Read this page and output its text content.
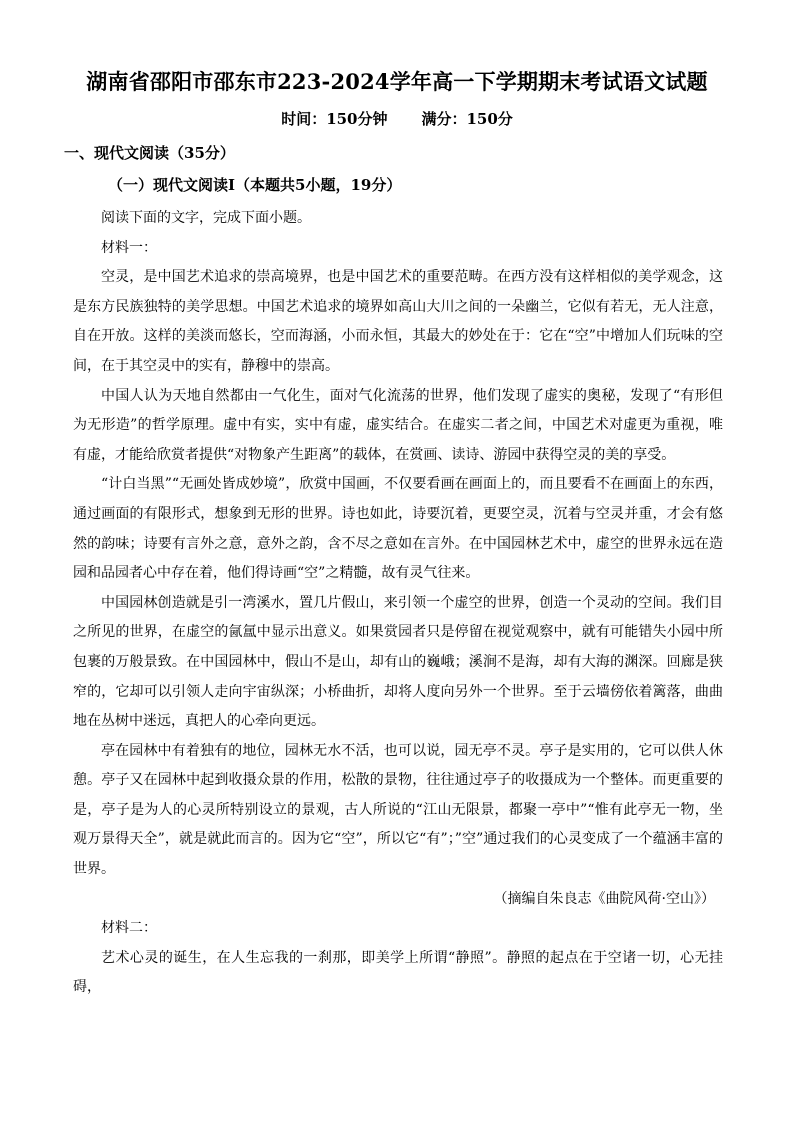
湖南省邵阳市邵东市223-2024学年高一下学期期末考试语文试题
时间：150分钟 满分：150分
一、现代文阅读（35分）
（一）现代文阅读Ⅰ（本题共5小题，19分）

阅读下面的文字，完成下面小题。

材料一：

空灵，是中国艺术追求的崇高境界，也是中国艺术的重要范畴。在西方没有这样相似的美学观念，这是东方民族独特的美学思想。中国艺术追求的境界如高山大川之间的一朵幽兰，它似有若无，无人注意，自在开放。这样的美淡而悠长，空而海涵，小而永恒，其最大的妙处在于：它在“空”中增加人们玩味的空间，在于其空灵中的实有，静穆中的崇高。

中国人认为天地自然都由一气化生，面对气化流荡的世界，他们发现了虚实的奥秘，发现了“有形但为无形造”的哲学原理。虚中有实，实中有虚，虚实结合。在虚实二者之间，中国艺术对虚更为重视，唯有虚，才能给欣赏者提供“对物象产生距离”的载体，在赏画、读诗、游园中获得空灵的美的享受。

“计白当黑”“无画处皆成妙境”，欣赏中国画，不仅要看画在画面上的，而且要看不在画面上的东西，通过画面的有限形式，想象到无形的世界。诗也如此，诗要沉着，更要空灵，沉着与空灵并重，才会有悠然的韵味；诗要有言外之意，意外之韵，含不尽之意如在言外。在中国园林艺术中，虚空的世界永远在造园和品园者心中存在着，他们得诗画“空”之精髓，故有灵气往来。

中国园林创造就是引一湾溪水，置几片假山，来引领一个虚空的世界，创造一个灵动的空间。我们目之所见的世界，在虚空的氤氲中显示出意义。如果赏园者只是停留在视觉观察中，就有可能错失小园中所包裹的万般景致。在中国园林中，假山不是山，却有山的巍峨；溪涧不是海，却有大海的渊深。回廊是狭窄的，它却可以引领人走向宇宙纵深；小桥曲折，却将人度向另外一个世界。至于云墙傍依着篱落，曲曲地在丛树中迷远，真把人的心牵向更远。

亭在园林中有着独有的地位，园林无水不活，也可以说，园无亭不灵。亭子是实用的，它可以供人休憩。亭子又在园林中起到收摄众景的作用，松散的景物，往往通过亭子的收摄成为一个整体。而更重要的是，亭子是为人的心灵所特别设立的景观，古人所说的“江山无限景，都聚一亭中”“惟有此亭无一物，坐观万景得天全”，就是就此而言的。因为它“空”，所以它“有”；”空”通过我们的心灵变成了一个蕴涵丰富的世界。

（摘编自朱良志《曲院风荷·空山》）

材料二：

艺术心灵的诞生，在人生忘我的一刹那，即美学上所谓“静照”。静照的起点在于空诸一切，心无挂碍，
